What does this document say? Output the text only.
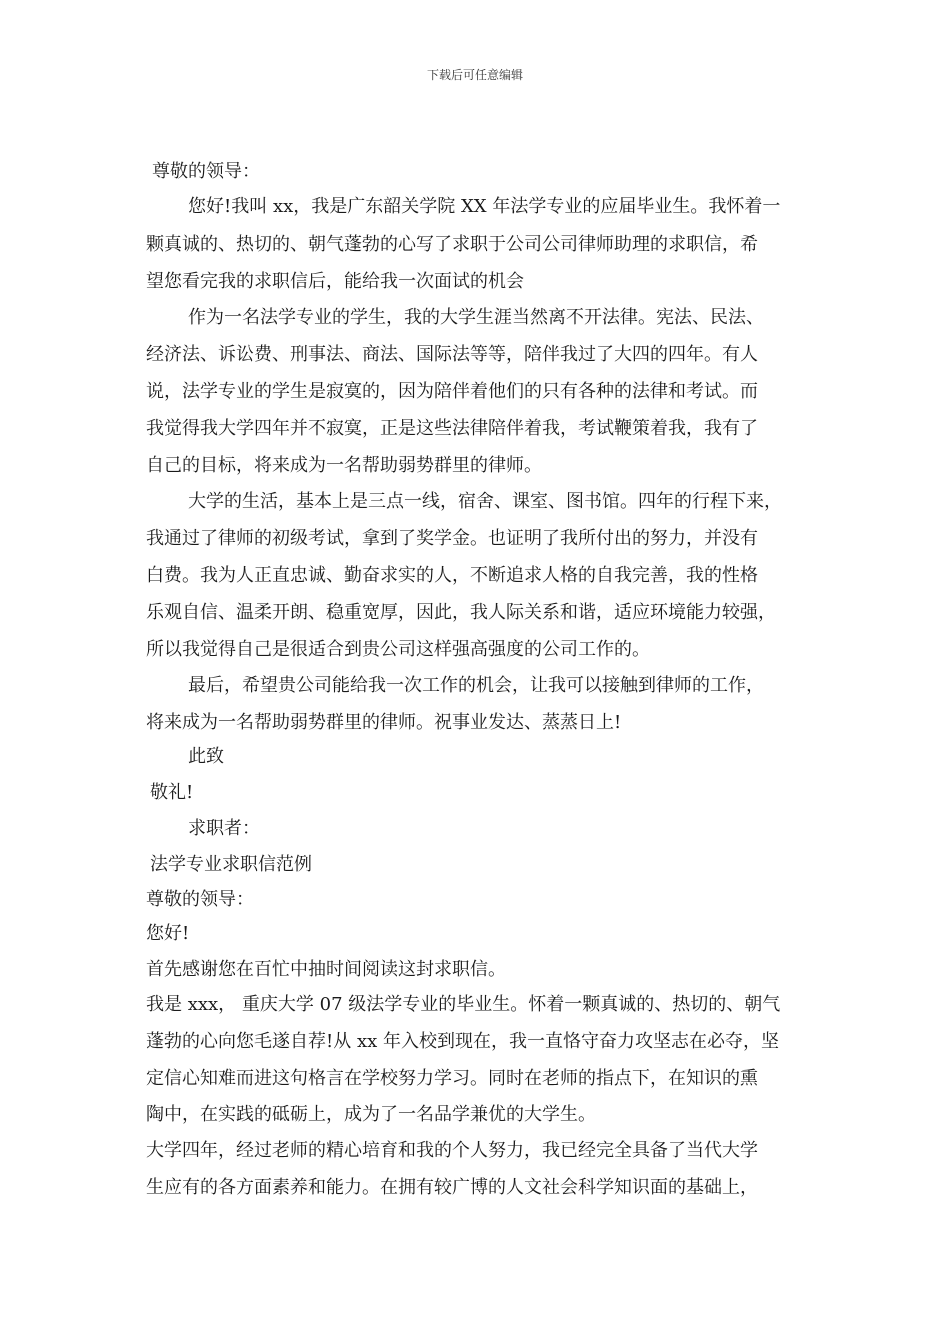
下载后可任意编辑
尊敬的领导：
您好!我叫 xx，我是广东韶关学院 XX 年法学专业的应届毕业生。我怀着一
颗真诚的、热切的、朝气蓬勃的心写了求职于公司公司律师助理的求职信，希
望您看完我的求职信后，能给我一次面试的机会
作为一名法学专业的学生，我的大学生涯当然离不开法律。宪法、民法、
经济法、诉讼费、刑事法、商法、国际法等等，陪伴我过了大四的四年。有人
说，法学专业的学生是寂寞的，因为陪伴着他们的只有各种的法律和考试。而
我觉得我大学四年并不寂寞，正是这些法律陪伴着我，考试鞭策着我，我有了
自己的目标，将来成为一名帮助弱势群里的律师。
大学的生活，基本上是三点一线，宿舍、课室、图书馆。四年的行程下来，
我通过了律师的初级考试，拿到了奖学金。也证明了我所付出的努力，并没有
白费。我为人正直忠诚、勤奋求实的人，不断追求人格的自我完善，我的性格
乐观自信、温柔开朗、稳重宽厚，因此，我人际关系和谐，适应环境能力较强，
所以我觉得自己是很适合到贵公司这样强高强度的公司工作的。
最后，希望贵公司能给我一次工作的机会，让我可以接触到律师的工作，
将来成为一名帮助弱势群里的律师。祝事业发达、蒸蒸日上!
此致
敬礼!
求职者：
法学专业求职信范例
尊敬的领导：
您好!
首先感谢您在百忙中抽时间阅读这封求职信。
我是 xxx， 重庆大学 07 级法学专业的毕业生。怀着一颗真诚的、热切的、朝气
蓬勃的心向您毛遂自荐!从 xx 年入校到现在，我一直恪守奋力攻坚志在必夺，坚
定信心知难而进这句格言在学校努力学习。同时在老师的指点下，在知识的熏
陶中，在实践的砥砺上，成为了一名品学兼优的大学生。
大学四年，经过老师的精心培育和我的个人努力，我已经完全具备了当代大学
生应有的各方面素养和能力。在拥有较广博的人文社会科学知识面的基础上，
